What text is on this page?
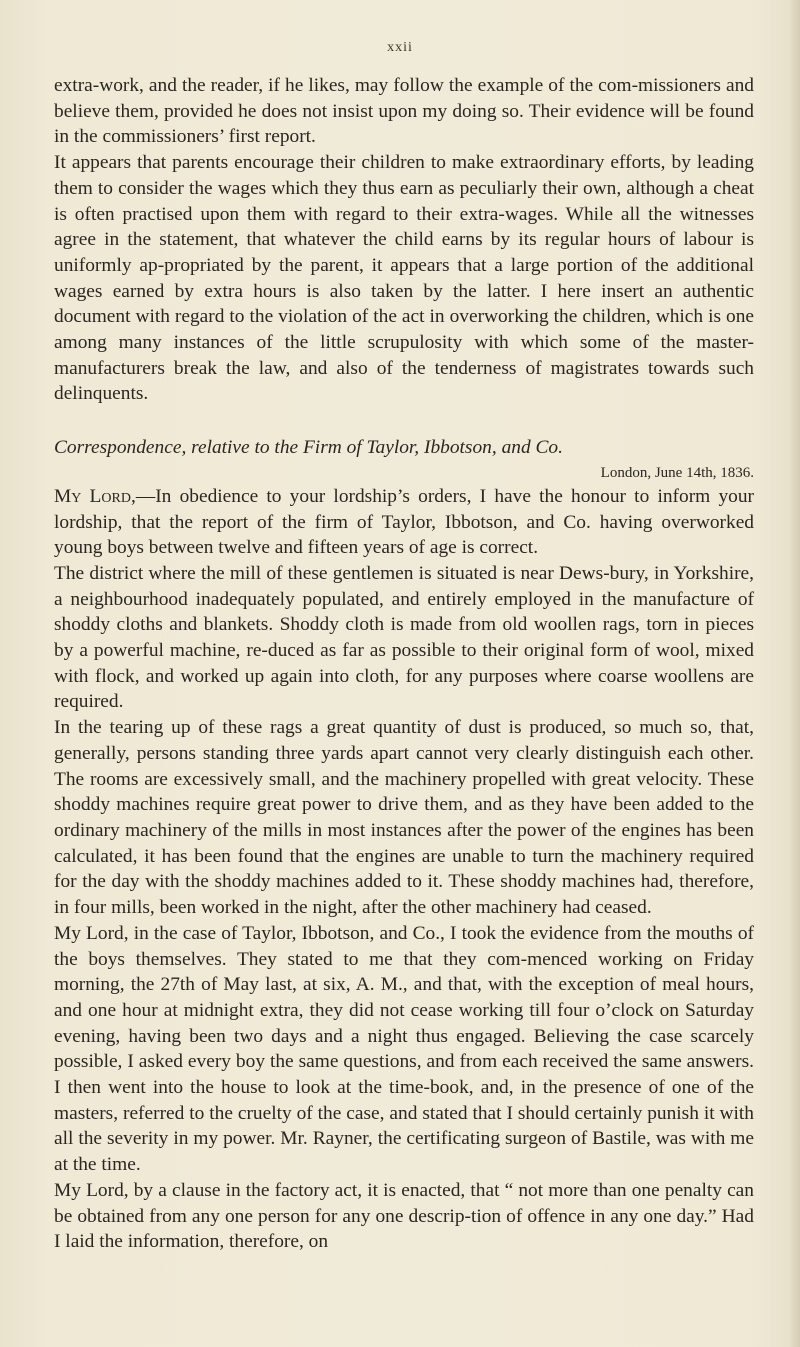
xxii

extra-work, and the reader, if he likes, may follow the example of the com-missioners and believe them, provided he does not insist upon my doing so. Their evidence will be found in the commissioners’ first report.

It appears that parents encourage their children to make extraordinary efforts, by leading them to consider the wages which they thus earn as peculiarly their own, although a cheat is often practised upon them with regard to their extra-wages. While all the witnesses agree in the statement, that whatever the child earns by its regular hours of labour is uniformly ap-propriated by the parent, it appears that a large portion of the additional wages earned by extra hours is also taken by the latter. I here insert an authentic document with regard to the violation of the act in overworking the children, which is one among many instances of the little scrupulosity with which some of the master-manufacturers break the law, and also of the tenderness of magistrates towards such delinquents.

Correspondence, relative to the Firm of Taylor, Ibbotson, and Co.

London, June 14th, 1836.

My Lord,—In obedience to your lordship’s orders, I have the honour to inform your lordship, that the report of the firm of Taylor, Ibbotson, and Co. having overworked young boys between twelve and fifteen years of age is correct.

The district where the mill of these gentlemen is situated is near Dews-bury, in Yorkshire, a neighbourhood inadequately populated, and entirely employed in the manufacture of shoddy cloths and blankets. Shoddy cloth is made from old woollen rags, torn in pieces by a powerful machine, re-duced as far as possible to their original form of wool, mixed with flock, and worked up again into cloth, for any purposes where coarse woollens are required.

In the tearing up of these rags a great quantity of dust is produced, so much so, that, generally, persons standing three yards apart cannot very clearly distinguish each other. The rooms are excessively small, and the machinery propelled with great velocity. These shoddy machines require great power to drive them, and as they have been added to the ordinary machinery of the mills in most instances after the power of the engines has been calculated, it has been found that the engines are unable to turn the machinery required for the day with the shoddy machines added to it. These shoddy machines had, therefore, in four mills, been worked in the night, after the other machinery had ceased.

My Lord, in the case of Taylor, Ibbotson, and Co., I took the evidence from the mouths of the boys themselves. They stated to me that they com-menced working on Friday morning, the 27th of May last, at six, A. M., and that, with the exception of meal hours, and one hour at midnight extra, they did not cease working till four o’clock on Saturday evening, having been two days and a night thus engaged. Believing the case scarcely possible, I asked every boy the same questions, and from each received the same answers. I then went into the house to look at the time-book, and, in the presence of one of the masters, referred to the cruelty of the case, and stated that I should certainly punish it with all the severity in my power. Mr. Rayner, the certificating surgeon of Bastile, was with me at the time.

My Lord, by a clause in the factory act, it is enacted, that “ not more than one penalty can be obtained from any one person for any one descrip-tion of offence in any one day.” Had I laid the information, therefore, on
